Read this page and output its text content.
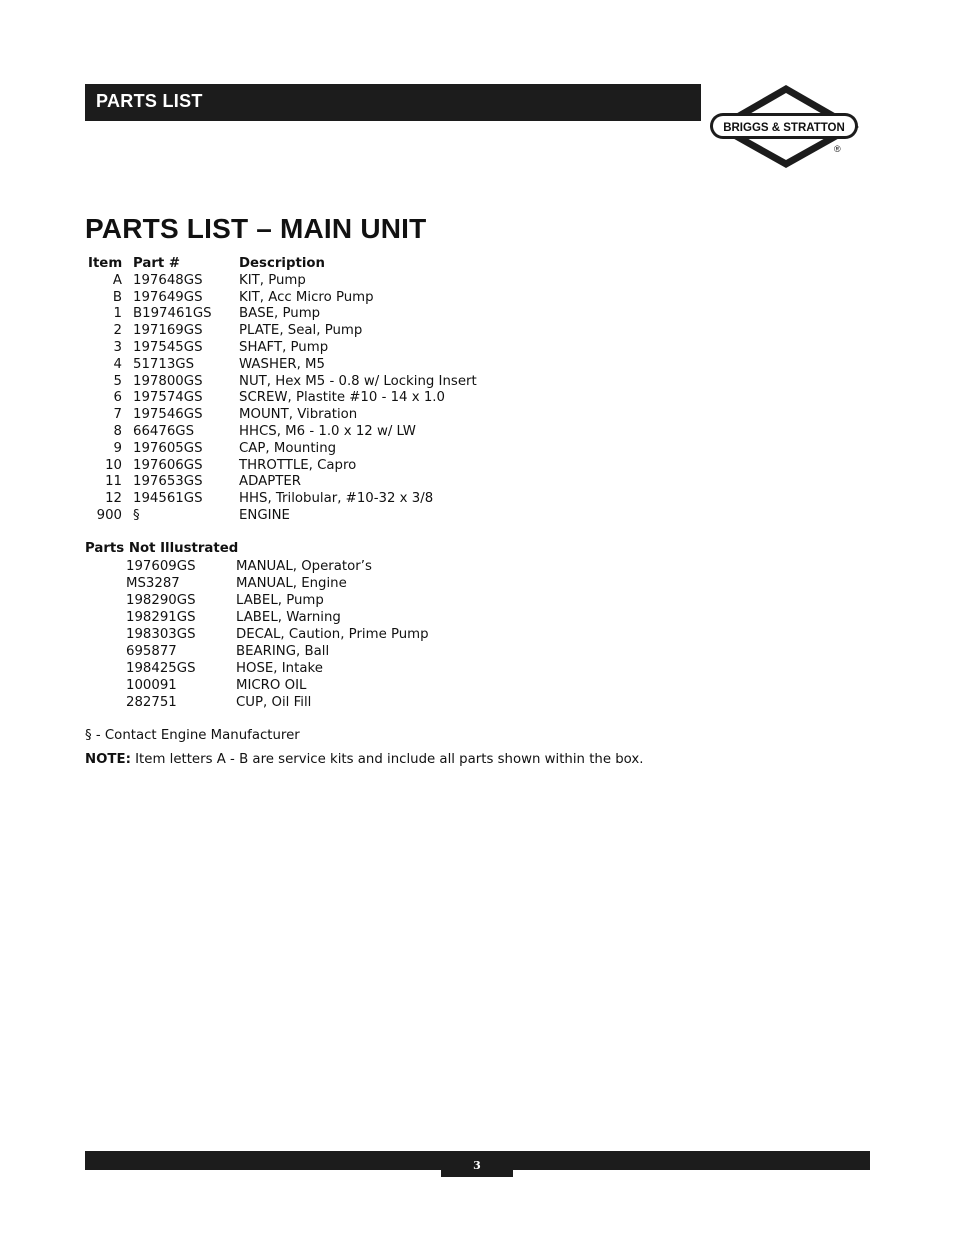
PARTS LIST
BRIGGS & STRATTON
®
PARTS LIST – MAIN UNIT
Item	Part #	Description
A	197648GS	KIT, Pump
B	197649GS	KIT, Acc Micro Pump
1	B197461GS	BASE, Pump
2	197169GS	PLATE, Seal, Pump
3	197545GS	SHAFT, Pump
4	51713GS	WASHER, M5
5	197800GS	NUT, Hex M5 - 0.8 w/ Locking Insert
6	197574GS	SCREW, Plastite #10 - 14 x 1.0
7	197546GS	MOUNT, Vibration
8	66476GS	HHCS, M6 - 1.0 x 12 w/ LW
9	197605GS	CAP, Mounting
10	197606GS	THROTTLE, Capro
11	197653GS	ADAPTER
12	194561GS	HHS, Trilobular, #10-32 x 3/8
900	§	ENGINE
Parts Not Illustrated
197609GS	MANUAL, Operator’s
MS3287	MANUAL, Engine
198290GS	LABEL, Pump
198291GS	LABEL, Warning
198303GS	DECAL, Caution, Prime Pump
695877	BEARING, Ball
198425GS	HOSE, Intake
100091	MICRO OIL
282751	CUP, Oil Fill
§ - Contact Engine Manufacturer
NOTE: Item letters A - B are service kits and include all parts shown within the box.
3
